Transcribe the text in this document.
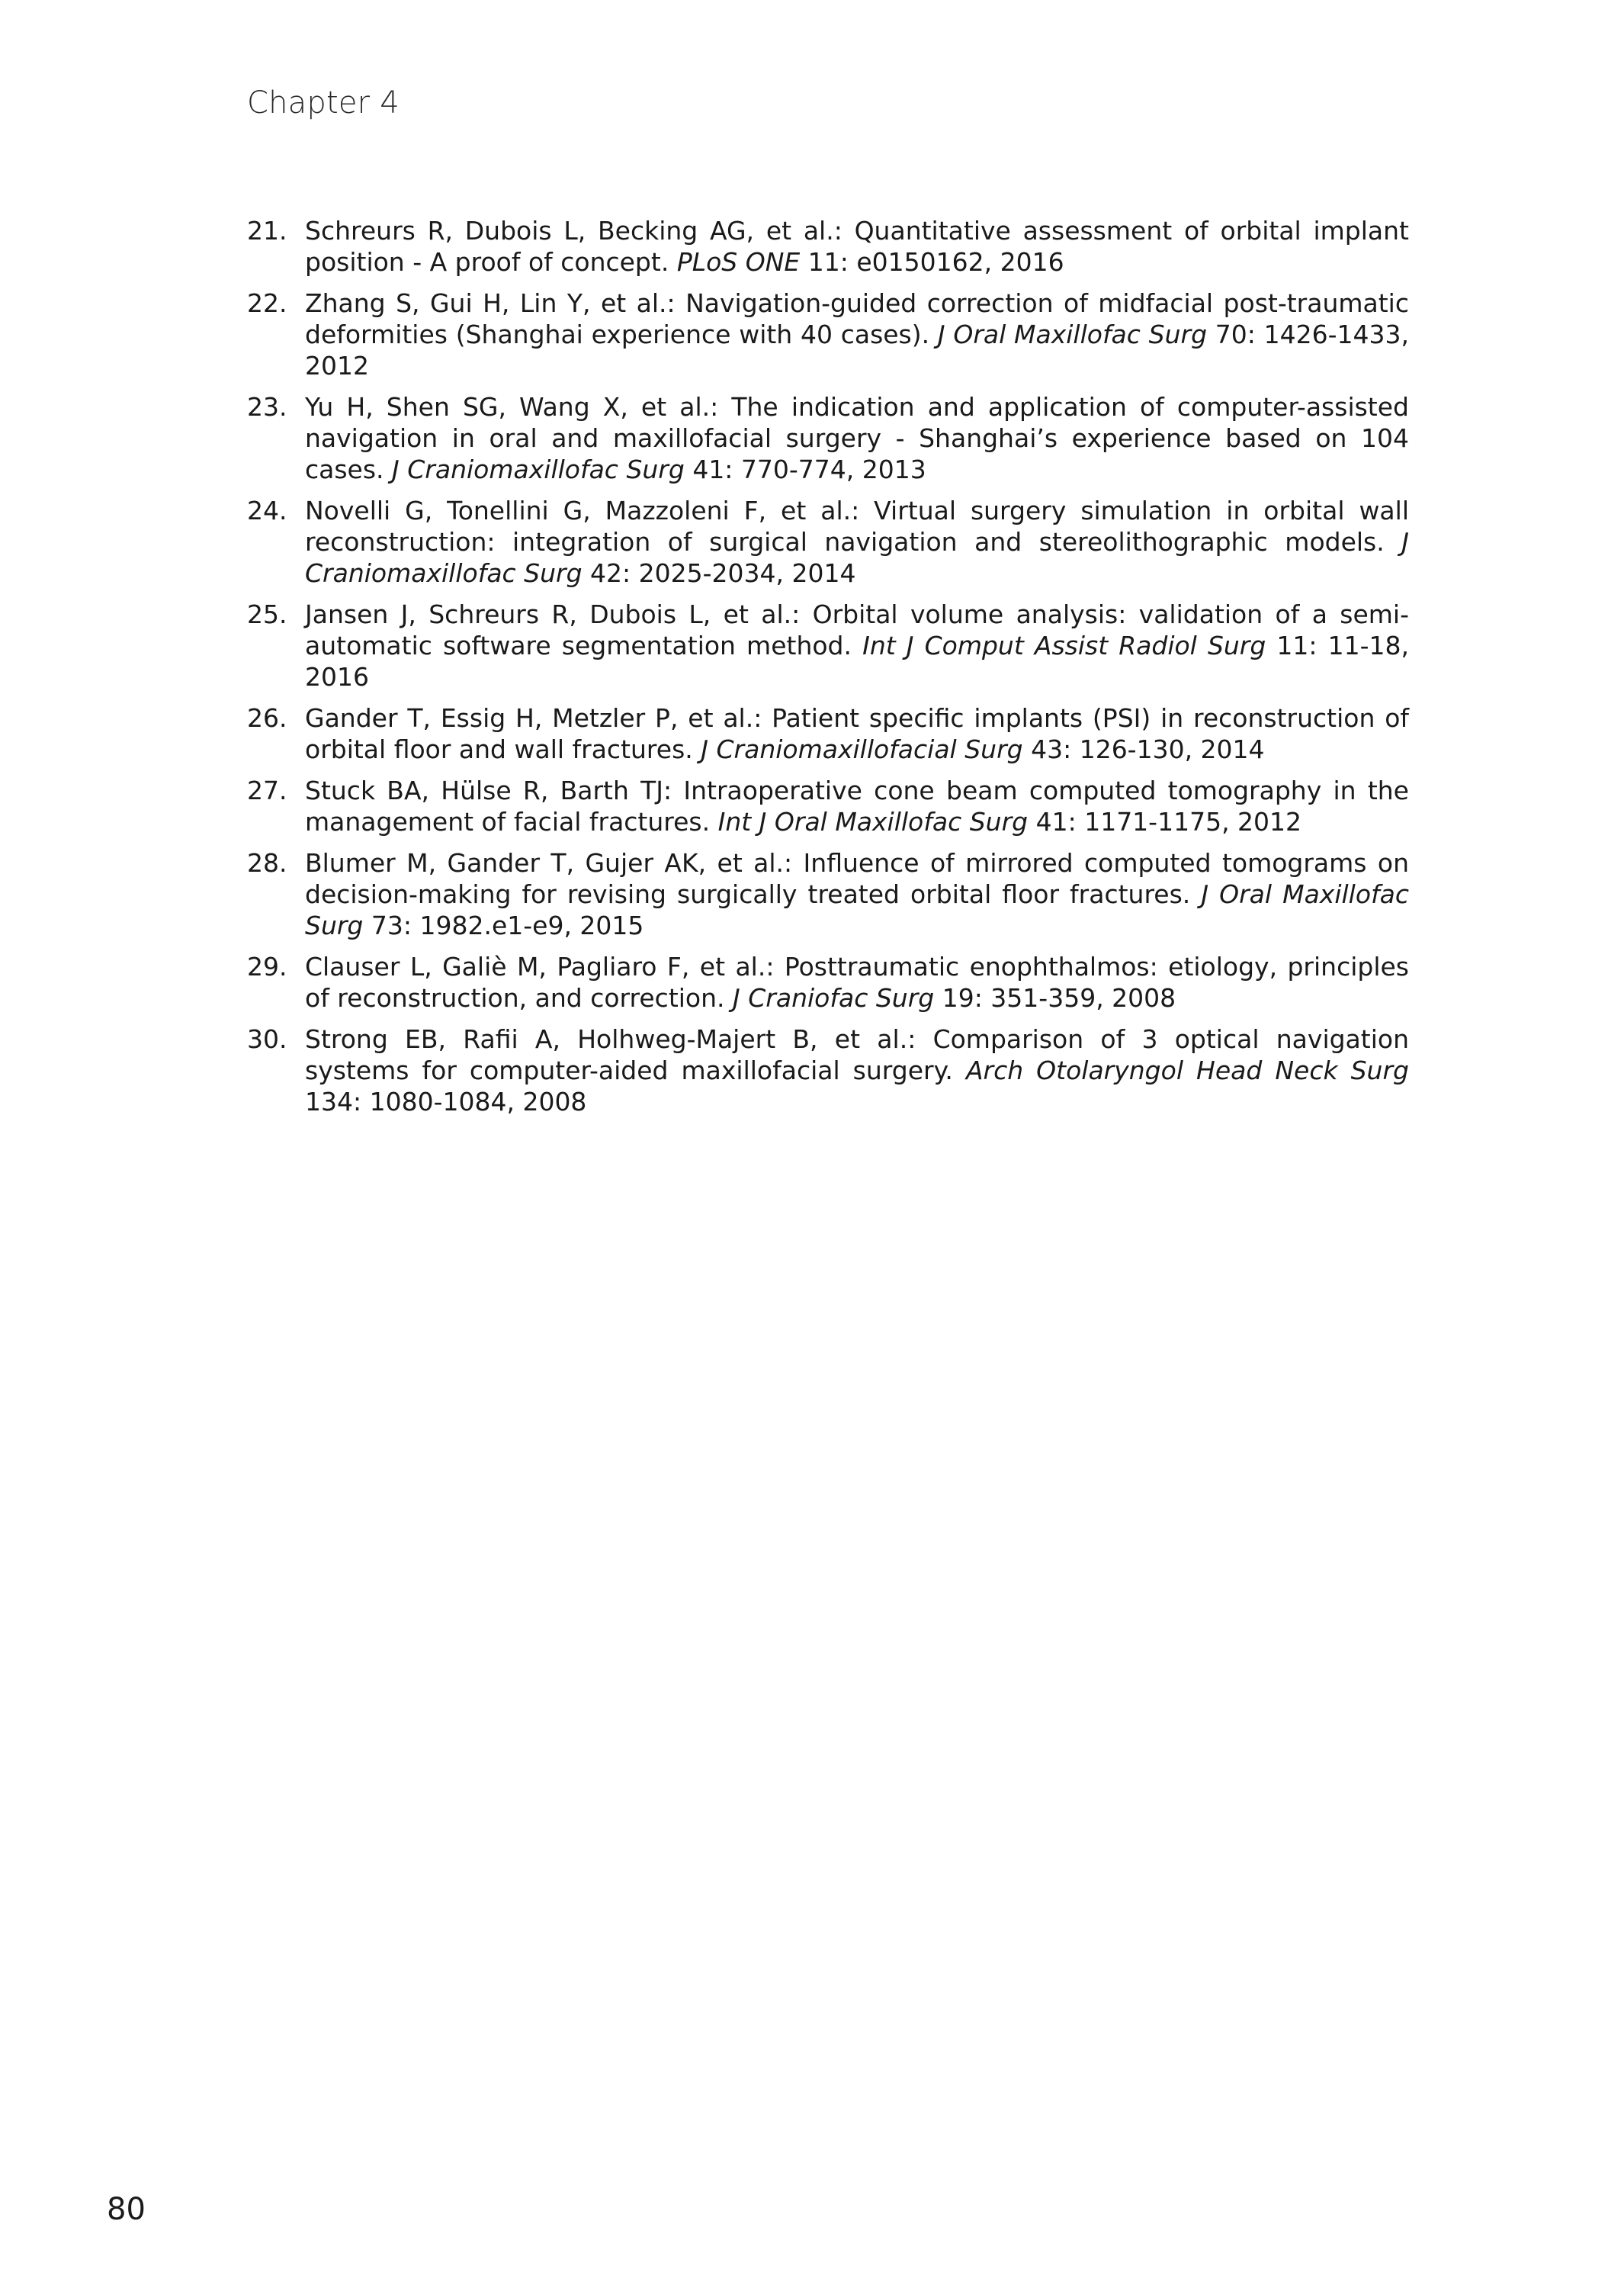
Chapter 4
21. Schreurs R, Dubois L, Becking AG, et al.: Quantitative assessment of orbital implant position - A proof of concept. PLoS ONE 11: e0150162, 2016
22. Zhang S, Gui H, Lin Y, et al.: Navigation-guided correction of midfacial post-traumatic deformities (Shanghai experience with 40 cases). J Oral Maxillofac Surg 70: 1426-1433, 2012
23. Yu H, Shen SG, Wang X, et al.: The indication and application of computer-assisted navigation in oral and maxillofacial surgery - Shanghai’s experience based on 104 cases. J Craniomaxillofac Surg 41: 770-774, 2013
24. Novelli G, Tonellini G, Mazzoleni F, et al.: Virtual surgery simulation in orbital wall reconstruction: integration of surgical navigation and stereolithographic models. J Craniomaxillofac Surg 42: 2025-2034, 2014
25. Jansen J, Schreurs R, Dubois L, et al.: Orbital volume analysis: validation of a semi-automatic software segmentation method. Int J Comput Assist Radiol Surg 11: 11-18, 2016
26. Gander T, Essig H, Metzler P, et al.: Patient specific implants (PSI) in reconstruction of orbital floor and wall fractures. J Craniomaxillofacial Surg 43: 126-130, 2014
27. Stuck BA, Hülse R, Barth TJ: Intraoperative cone beam computed tomography in the management of facial fractures. Int J Oral Maxillofac Surg 41: 1171-1175, 2012
28. Blumer M, Gander T, Gujer AK, et al.: Influence of mirrored computed tomograms on decision-making for revising surgically treated orbital floor fractures. J Oral Maxillofac Surg 73: 1982.e1-e9, 2015
29. Clauser L, Galiè M, Pagliaro F, et al.: Posttraumatic enophthalmos: etiology, principles of reconstruction, and correction. J Craniofac Surg 19: 351-359, 2008
30. Strong EB, Rafii A, Holhweg-Majert B, et al.: Comparison of 3 optical navigation systems for computer-aided maxillofacial surgery. Arch Otolaryngol Head Neck Surg 134: 1080-1084, 2008
80
